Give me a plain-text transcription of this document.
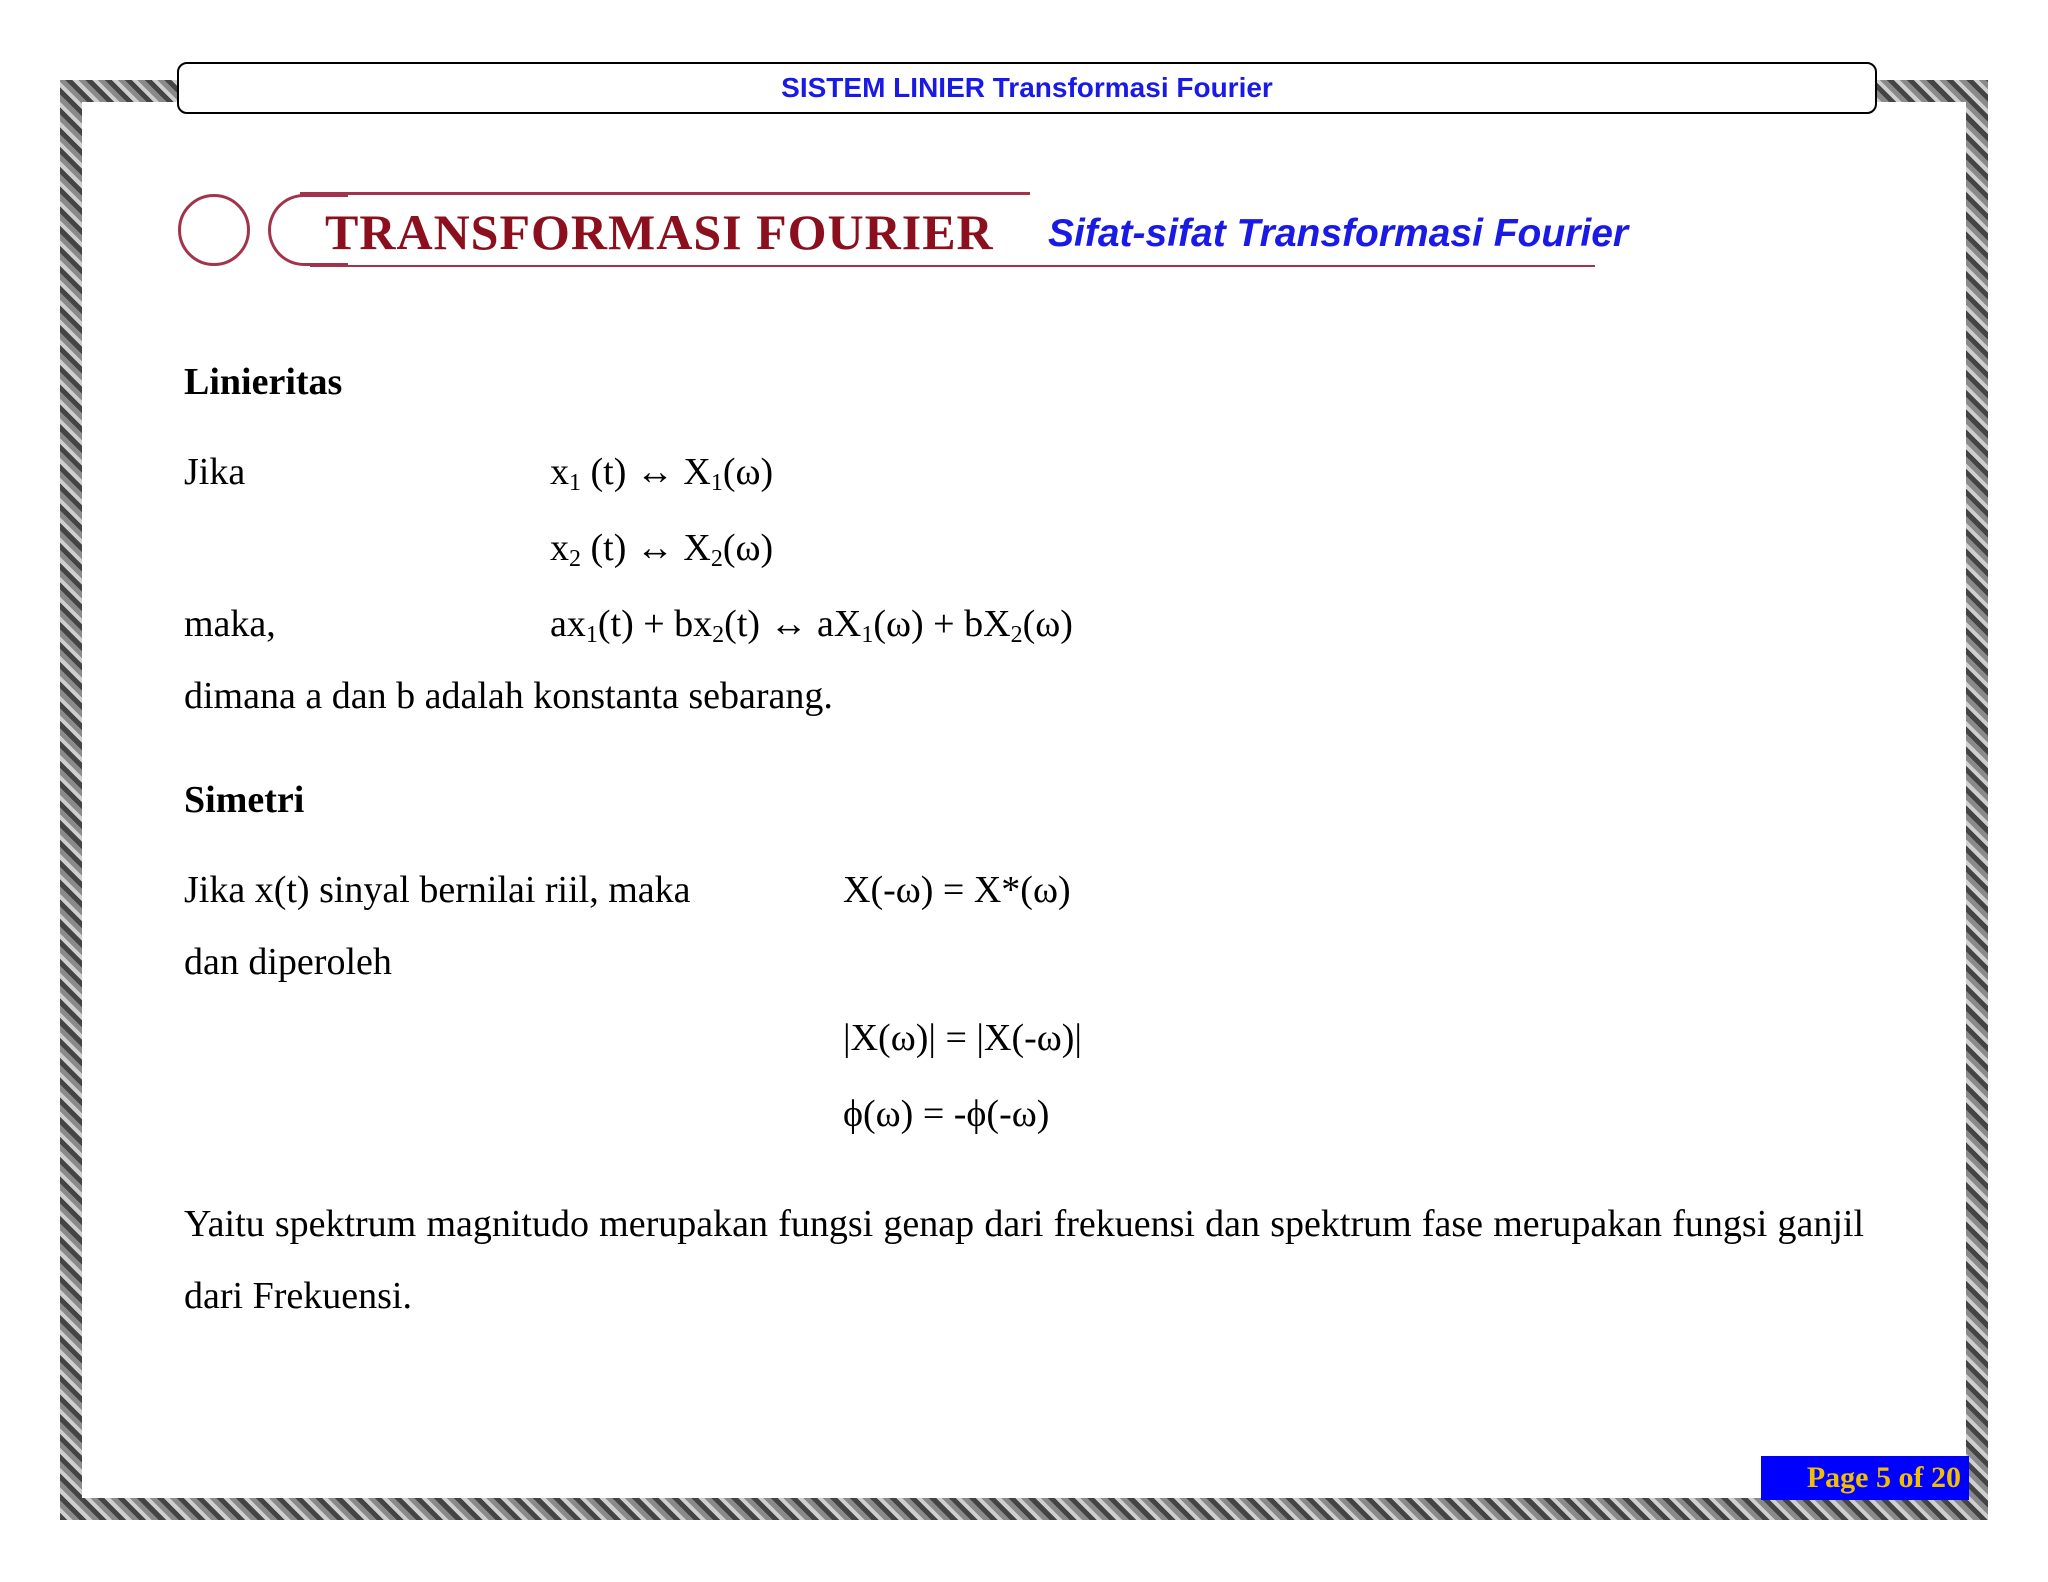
SISTEM LINIER Transformasi Fourier
TRANSFORMASI FOURIER Sifat-sifat Transformasi Fourier
Linieritas
Jika	$x_1$ (t) ↔ $X_1(\omega)$
$x_2$ (t) ↔ $X_2(\omega)$
maka,	$ax_1(t) + bx_2(t)$ ↔ $aX_1(\omega) + bX_2(\omega)$
dimana a dan b adalah konstanta sebarang.
Simetri
Jika x(t) sinyal bernilai riil, maka	X(-ω) = X*(ω)
dan diperoleh
|X(ω)| = |X(-ω)|
ϕ(ω) = -ϕ(-ω)
Yaitu spektrum magnitudo merupakan fungsi genap dari frekuensi dan spektrum fase merupakan fungsi ganjil dari Frekuensi.
Page 5 of 20
